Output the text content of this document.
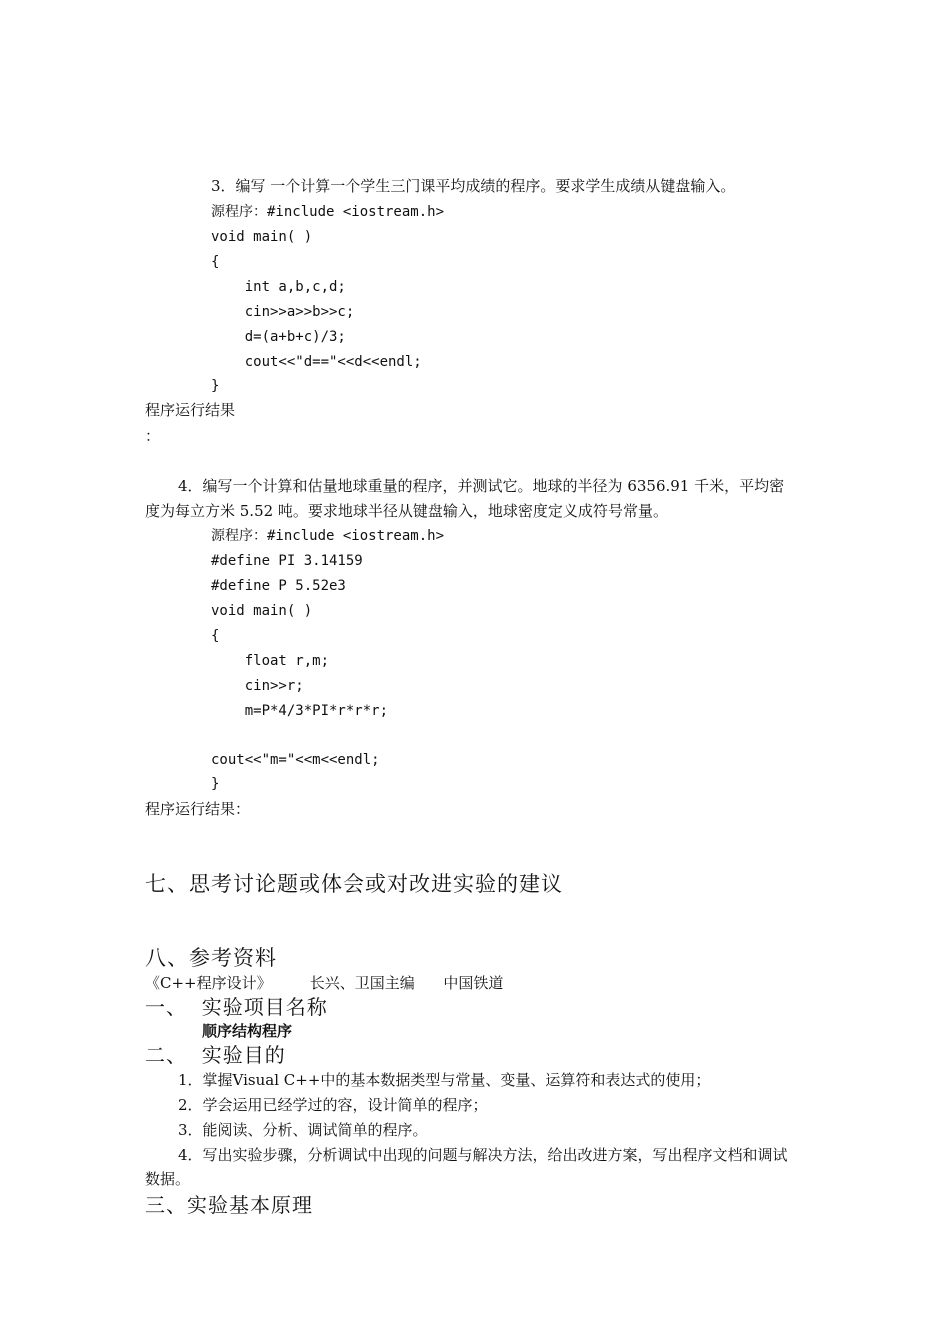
3．编写 一个计算一个学生三门课平均成绩的程序。要求学生成绩从键盘输入。
源程序：#include <iostream.h>
void main( )
{
int a,b,c,d;
cin>>a>>b>>c;
d=(a+b+c)/3;
cout<<"d=="<<d<<endl;
}
程序运行结果
：
4．编写一个计算和估量地球重量的程序，并测试它。地球的半径为 6356.91 千米，平均密
度为每立方米 5.52 吨。要求地球半径从键盘输入，地球密度定义成符号常量。
源程序：#include <iostream.h>
#define PI 3.14159
#define P 5.52e3
void main( )
{
float r,m;
cin>>r;
m=P*4/3*PI*r*r*r;
cout<<"m="<<m<<endl;
}
程序运行结果：
七、思考讨论题或体会或对改进实验的建议
八、参考资料
《C++程序设计》        长兴、卫国主编      中国铁道
一、  实验项目名称
顺序结构程序
二、  实验目的
1．掌握Visual C++中的基本数据类型与常量、变量、运算符和表达式的使用；
2．学会运用已经学过的容，设计简单的程序；
3．能阅读、分析、调试简单的程序。
4．写出实验步骤，分析调试中出现的问题与解决方法，给出改进方案，写出程序文档和调试
数据。
三、实验基本原理
